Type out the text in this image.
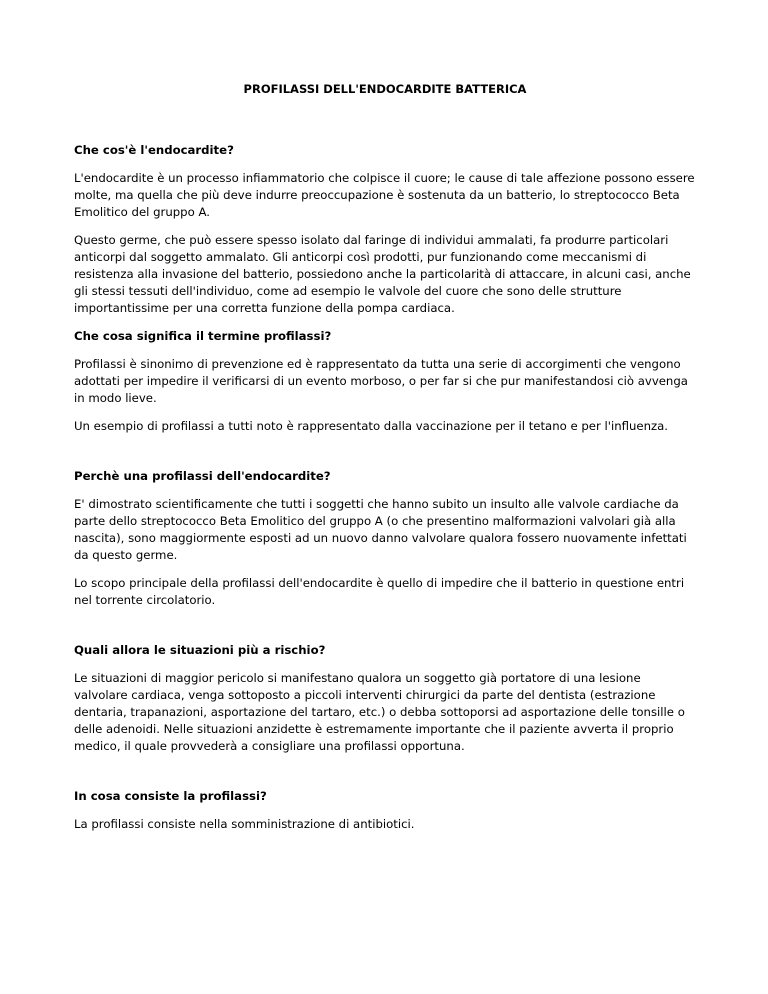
PROFILASSI DELL'ENDOCARDITE BATTERICA
Che cos'è l'endocardite?

L'endocardite è un processo infiammatorio che colpisce il cuore; le cause di tale affezione possono essere molte, ma quella che più deve indurre preoccupazione è sostenuta da un batterio, lo streptococco Beta Emolitico del gruppo A.

Questo germe, che può essere spesso isolato dal faringe di individui ammalati, fa produrre particolari anticorpi dal soggetto ammalato. Gli anticorpi così prodotti, pur funzionando come meccanismi di resistenza alla invasione del batterio, possiedono anche la particolarità di attaccare, in alcuni casi, anche gli stessi tessuti dell'individuo, come ad esempio le valvole del cuore che sono delle strutture importantissime per una corretta funzione della pompa cardiaca.

Che cosa significa il termine profilassi?

Profilassi è sinonimo di prevenzione ed è rappresentato da tutta una serie di accorgimenti che vengono adottati per impedire il verificarsi di un evento morboso, o per far si che pur manifestandosi ciò avvenga in modo lieve.

Un esempio di profilassi a tutti noto è rappresentato dalla vaccinazione per il tetano e per l'influenza.

Perchè una profilassi dell'endocardite?

E' dimostrato scientificamente che tutti i soggetti che hanno subito un insulto alle valvole cardiache da parte dello streptococco Beta Emolitico del gruppo A (o che presentino malformazioni valvolari già alla nascita), sono maggiormente esposti ad un nuovo danno valvolare qualora fossero nuovamente infettati da questo germe.

Lo scopo principale della profilassi dell'endocardite è quello di impedire che il batterio in questione entri nel torrente circolatorio.

Quali allora le situazioni più a rischio?

Le situazioni di maggior pericolo si manifestano qualora un soggetto già portatore di una lesione valvolare cardiaca, venga sottoposto a piccoli interventi chirurgici da parte del dentista (estrazione dentaria, trapanazioni, asportazione del tartaro, etc.) o debba sottoporsi ad asportazione delle tonsille o delle adenoidi. Nelle situazioni anzidette è estremamente importante che il paziente avverta il proprio medico, il quale provvederà a consigliare una profilassi opportuna.

In cosa consiste la profilassi?

La profilassi consiste nella somministrazione di antibiotici.
